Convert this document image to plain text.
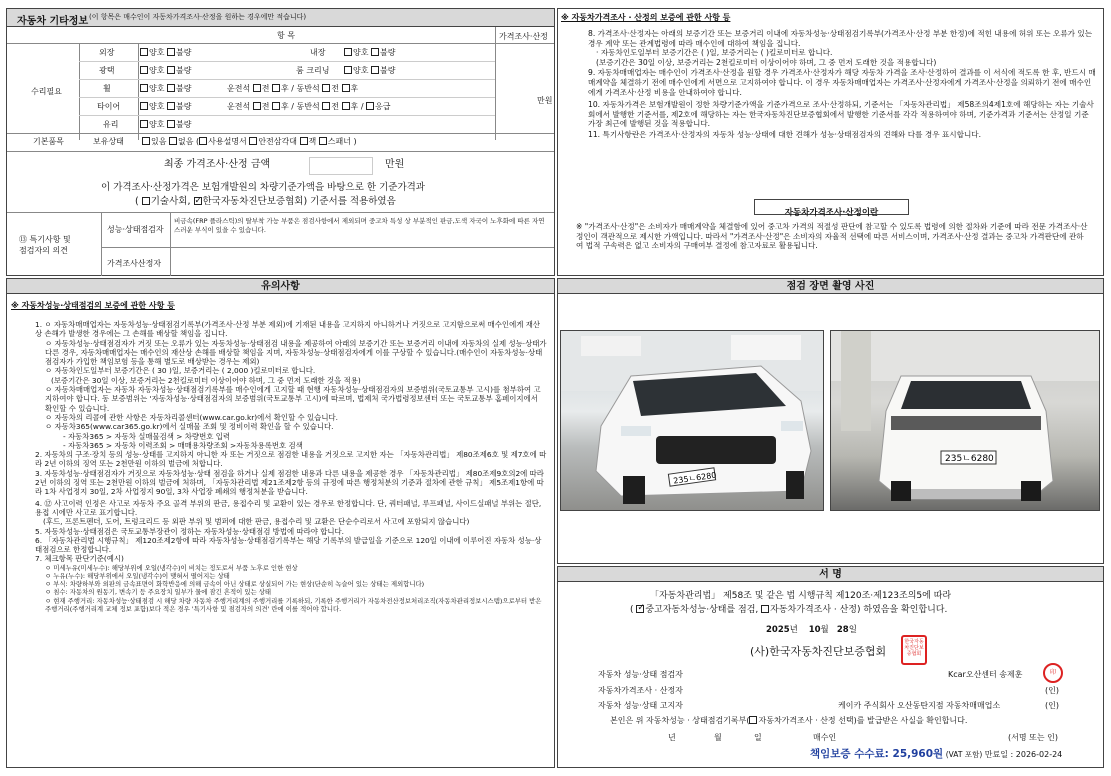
자동차 기타정보 (이 항목은 매수인이 자동차가격조사·산정을 원하는 경우에만 적습니다)
항 목	가격조사·산정
수리필요
만원
외장	양호 불량	내장	양호 불량
광택	양호 불량	룸 크리닝	양호 불량
휠	양호 불량	운전석 전 후 / 동반석 전 후
타이어	양호 불량	운전석 전 후 / 동반석 전 후 / 응급
유리	양호 불량
기본품목	보유상태	있음 없음 ( 사용설명서 안전삼각대 잭 스패너 )
최종 가격조사·산정 금액	만원
이 가격조사·산정가격은 보험개발원의 차량기준가액을 바탕으로 한 기준가격과
( 기술사회, ✓ 한국자동차진단보증협회) 기준서를 적용하였음
⑬ 특기사항 및
점검자의 의견
성능·상태점검자
비금속(FRP 플라스틱)의 탈부착 가능 부품은 점검사항에서 제외되며 중고차 특성 상 부분적인 판금,도색 자국이 노후화에 따른 자연스러운 부식이 있을 수 있습니다.
가격조사산정자
※ 자동차가격조사 · 산정의 보증에 관한 사항 등

8. 가격조사·산정자는 아래의 보증기간 또는 보증거리 이내에 자동차성능·상태점검기록부(가격조사·산정 부분 한정)에 적힌 내용에 허위 또는 오류가 있는 경우 계약 또는 관계법령에 따라 매수인에 대하여 책임을 집니다.

· 자동차인도일부터 보증기간은 ( )일, 보증거리는 ( )킬로미터로 합니다.

(보증기간은 30일 이상, 보증거리는 2천킬로미터 이상이어야 하며, 그 중 먼저 도래한 것을 적용합니다)

9. 자동차매매업자는 매수인이 가격조사·산정을 원할 경우 가격조사·산정자가 해당 자동차 가격을 조사·산정하여 결과를 이 서식에 적도록 한 후, 반드시 매매계약을 체결하기 전에 매수인에게 서면으로 고지하여야 합니다. 이 경우 자동차매매업자는 가격조사·산정자에게 가격조사·산정을 의뢰하기 전에 매수인에게 가격조사·산정 비용을 안내하여야 합니다.

10. 자동차가격은 보험개발원이 정한 차량기준가액을 기준가격으로 조사·산정하되, 기준서는 「자동차관리법」 제58조의4제1호에 해당하는 자는 기술사회에서 발행한 기준서를, 제2호에 해당하는 자는 한국자동차진단보증협회에서 발행한 기준서를 각각 적용하여야 하며, 기준가격과 기준서는 산정일 기준 가장 최근에 발행된 것을 적용합니다.

11. 특기사항란은 가격조사·산정자의 자동차 성능·상태에 대한 견해가 성능·상태점검자의 견해와 다를 경우 표시합니다.

자동차가격조사·산정이란
※ "가격조사·산정"은 소비자가 매매계약을 체결함에 있어 중고차 가격의 적절성 판단에 참고할 수 있도록 법령에 의한 절차와 기준에 따라 전문 가격조사·산정인이 객관적으로 제시한 가액입니다. 따라서 "가격조사·산정"은 소비자의 자율적 선택에 따른 서비스이며, 가격조사·산정 결과는 중고차 가격판단에 관하여 법적 구속력은 없고 소비자의 구매여부 결정에 참고자료로 활용됩니다.
유의사항
※ 자동차성능·상태점검의 보증에 관한 사항 등

1. ㅇ 자동차매매업자는 자동차성능·상태점검기록부(가격조사·산정 부분 제외)에 기재된 내용을 고지하지 아니하거나 거짓으로 고지함으로써 매수인에게 재산상 손해가 발생한 경우에는 그 손해를 배상할 책임을 집니다.

ㅇ 자동차성능·상태점검자가 거짓 또는 오류가 있는 자동차성능·상태점검 내용을 제공하여 아래의 보증기간 또는 보증거리 이내에 자동차의 실제 성능·상태가 다른 경우, 자동차매매업자는 매수인의 재산상 손해를 배상할 책임을 지며, 자동차성능·상태점검자에게 이를 구상할 수 있습니다.(매수인이 자동차성능·상태점검자가 가입한 책임보험 등을 통해 별도로 배상받는 경우는 제외)

ㅇ 자동차인도일부터 보증기간은 ( 30 )일, 보증거리는 ( 2,000 )킬로미터로 합니다.

(보증기간은 30일 이상, 보증거리는 2천킬로미터 이상이어야 하며, 그 중 먼저 도래한 것을 적용)

ㅇ 자동차매매업자는 자동차 자동차성능·상태점검기록부를 매수인에게 고지할 때 현행 자동차성능·상태점검자의 보증범위(국토교통부 고시)를 첨부하여 고지하여야 합니다. 동 보증범위는 '자동차성능·상태점검자의 보증범위(국토교통부 고시)에 따르며, 법제처 국가법령정보센터 또는 국토교통부 홈페이지에서 확인할 수 있습니다.

ㅇ 자동차의 리콜에 관한 사항은 자동차리콜센터(www.car.go.kr)에서 확인할 수 있습니다.

ㅇ 자동차365(www.car365.go.kr)에서 실매물 조회 및 정비이력 확인을 할 수 있습니다.

- 자동차365 > 자동차 실매물검색 > 차량번호 입력

- 자동차365 > 자동차 이력조회 > 매매용차량조회 >자동차용록번호 검색

2. 자동차의 구조·장치 등의 성능·상태를 고지하지 아니한 자 또는 거짓으로 점검한 내용을 거짓으로 고지한 자는 「자동차관리법」 제80조제6호 및 제7호에 따라 2년 이하의 징역 또는 2천만원 이하의 벌금에 처합니다.

3. 자동차성능·상태점검자가 거짓으로 자동차성능·상태 점검을 하거나 실제 점검한 내용과 다른 내용을 제공한 경우 「자동차관리법」 제80조제9호의2에 따라 2년 이하의 징역 또는 2천만원 이하의 벌금에 처하며, 「자동차관리법 제21조제2항 등의 규정에 따른 행정처분의 기준과 절차에 관한 규칙」 제5조제1항에 따라 1차 사업정지 30일, 2차 사업정지 90일, 3차 사업장 폐쇄의 행정처분을 받습니다.

4. ⑫ 사고이력 인정은 사고로 자동차 주요 골격 부위의 판금, 용접수리 및 교환이 있는 경우로 한정합니다. 단, 쿼터패널, 루프패널, 사이드실패널 부위는 절단, 용접 시에만 사고로 표기합니다.

(후드, 프론트펜더, 도어, 트렁크리드 등 외판 부위 및 범퍼에 대한 판금, 용접수리 및 교환은 단순수리로서 사고에 포함되지 않습니다)

5. 자동차성능·상태점검은 국토교통부장관이 정하는 자동차성능·상태점검 방법에 따라야 합니다.

6. 「자동차관리법 시행규칙」 제120조제2항에 따라 자동차성능·상태점검기록부는 해당 기록부의 발급일을 기준으로 120일 이내에 이루어진 자동차 성능·상태점검으로 한정합니다.

7. 체크항목 판단기준(예시)

ㅇ 미세누유(미세누수): 해당부위에 오일(냉각수)이 비치는 정도로서 부품 노후로 인한 현상

ㅇ 누유(누수): 해당부위에서 오일(냉각수)이 맺혀서 떨어지는 상태

ㅇ 부식: 차량하부와 외판의 금속표면이 화학반응에 의해 금속이 아닌 상태로 상실되어 가는 현상(단순히 녹슬어 있는 상태는 제외합니다)

ㅇ 침수: 자동차의 원동기, 변속기 등 주요장치 일부가 물에 잠긴 흔적이 있는 상태

ㅇ 현재 주행거리: 자동차성능·상태점검 시 해당 차량 자동차 주행거리계의 주행거리를 기록하되, 기록한 주행거리가 자동차전산정보처리조직(자동차관리정보시스템)으로부터 받은 주행거리(주행거리계 교체 정보 포함)보다 적은 경우 '특기사항 및 점검자의 의견' 란에 이를 적어야 합니다.

점검 장면 촬영 사진
235ㄴ6280
235ㄴ6280
서 명
「자동차관리법」 제58조 및 같은 법 시행규칙 제120조·제123조의5에 따라
( ✓중고자동차성능·상태를 점검, 자동차가격조사 · 산정) 하였음을 확인합니다.
2025년 10월 28일
(사)한국자동차진단보증협회
한국자동차진단보증협회
자동차 성능·상태 점검자	Kcar오산센터 송제훈	印
자동차가격조사 · 산정자	(인)
자동차 성능·상태 고지자	케이카 주식회사 오산동탄지점 자동차매매업소	(인)
본인은 위 자동차성능 · 상태점검기록부( 자동차가격조사 · 산정 선택)를 발급받은 사실을 확인합니다.
년	월	일	매수인	(서명 또는 인)
책임보증 수수료: 25,960원 (VAT 포함) 만료일 : 2026-02-24
